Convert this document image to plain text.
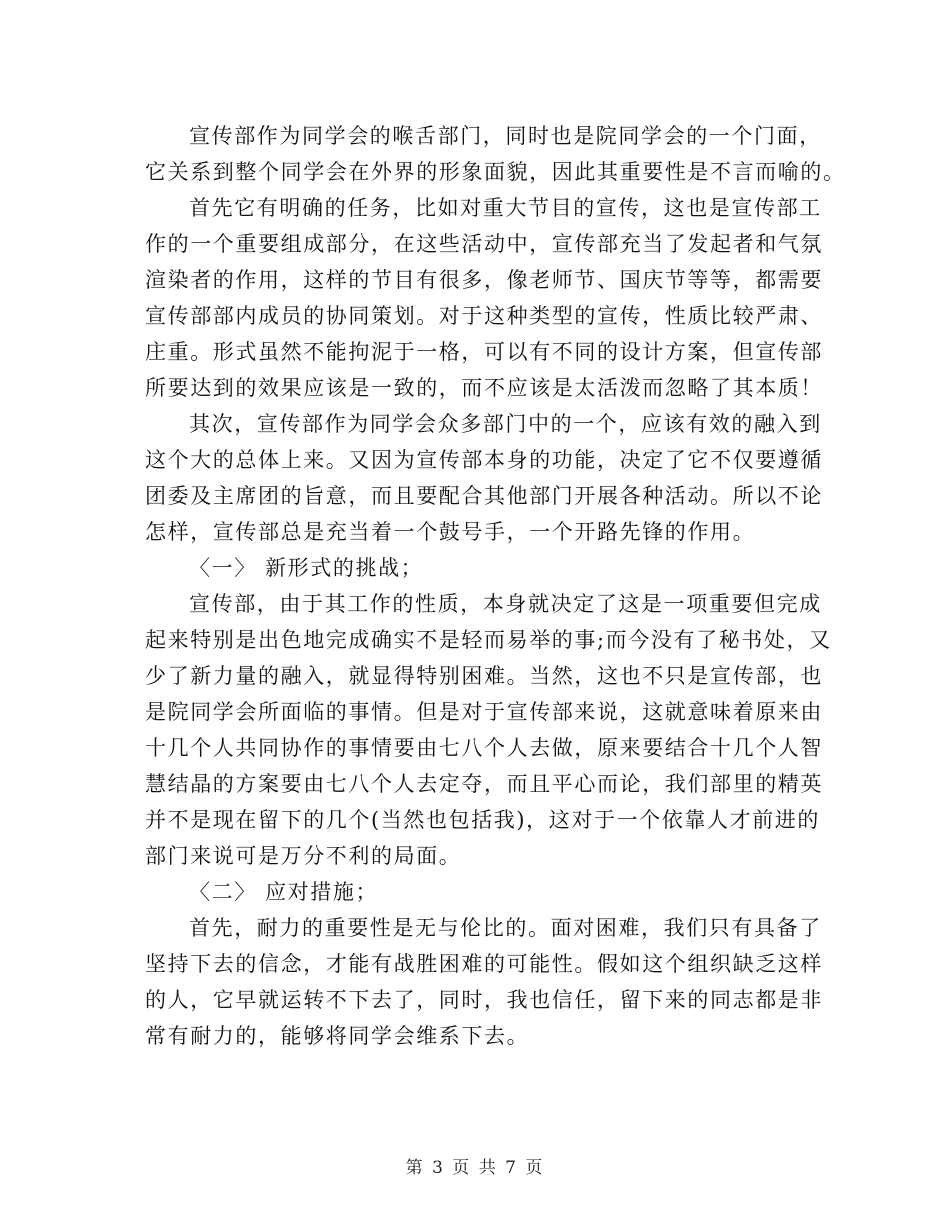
宣传部作为同学会的喉舌部门，同时也是院同学会的一个门面，
它关系到整个同学会在外界的形象面貌，因此其重要性是不言而喻的。
首先它有明确的任务，比如对重大节目的宣传，这也是宣传部工
作的一个重要组成部分，在这些活动中，宣传部充当了发起者和气氛
渲染者的作用，这样的节目有很多，像老师节、国庆节等等，都需要
宣传部部内成员的协同策划。对于这种类型的宣传，性质比较严肃、
庄重。形式虽然不能拘泥于一格，可以有不同的设计方案，但宣传部
所要达到的效果应该是一致的，而不应该是太活泼而忽略了其本质！
其次，宣传部作为同学会众多部门中的一个，应该有效的融入到
这个大的总体上来。又因为宣传部本身的功能，决定了它不仅要遵循
团委及主席团的旨意，而且要配合其他部门开展各种活动。所以不论
怎样，宣传部总是充当着一个鼓号手，一个开路先锋的作用。
〈一〉 新形式的挑战；
宣传部，由于其工作的性质，本身就决定了这是一项重要但完成
起来特别是出色地完成确实不是轻而易举的事;而今没有了秘书处，又
少了新力量的融入，就显得特别困难。当然，这也不只是宣传部，也
是院同学会所面临的事情。但是对于宣传部来说，这就意味着原来由
十几个人共同协作的事情要由七八个人去做，原来要结合十几个人智
慧结晶的方案要由七八个人去定夺，而且平心而论，我们部里的精英
并不是现在留下的几个(当然也包括我)，这对于一个依靠人才前进的
部门来说可是万分不利的局面。
〈二〉 应对措施；
首先，耐力的重要性是无与伦比的。面对困难，我们只有具备了
坚持下去的信念，才能有战胜困难的可能性。假如这个组织缺乏这样
的人，它早就运转不下去了，同时，我也信任，留下来的同志都是非
常有耐力的，能够将同学会维系下去。
第 3 页 共 7 页
